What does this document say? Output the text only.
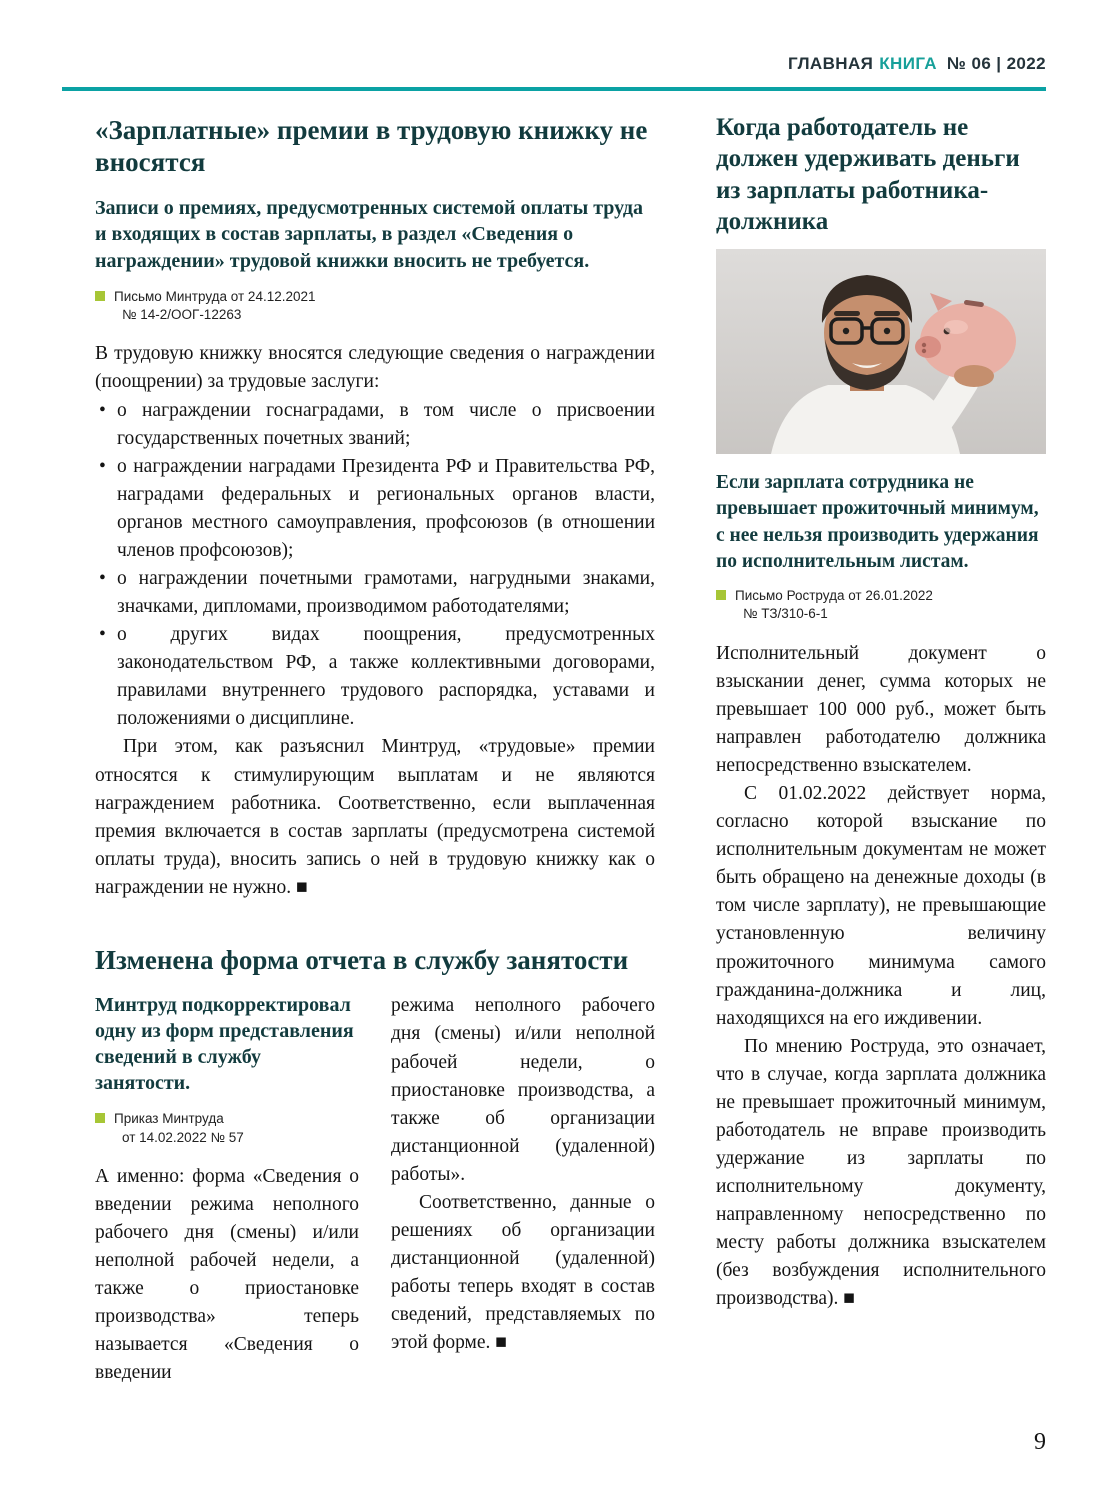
ГЛАВНАЯ КНИГА № 06 | 2022
«Зарплатные» премии в трудовую книжку не вносятся

Записи о премиях, предусмотренных системой оплаты труда и входящих в состав зарплаты, в раздел «Сведения о награждении» трудовой книжки вносить не требуется.

Письмо Минтруда от 24.12.2021
№ 14-2/ООГ-12263

В трудовую книжку вносятся следующие сведения о награждении (поощрении) за трудовые заслуги:

• о награждении госнаградами, в том числе о присвоении государственных почетных званий;
• о награждении наградами Президента РФ и Правительства РФ, наградами федеральных и региональных органов власти, органов местного самоуправления, профсоюзов (в отношении членов профсоюзов);
• о награждении почетными грамотами, нагрудными знаками, значками, дипломами, производимом работодателями;
• о других видах поощрения, предусмотренных законодательством РФ, а также коллективными договорами, правилами внутреннего трудового распорядка, уставами и положениями о дисциплине.

При этом, как разъяснил Минтруд, «трудовые» премии относятся к стимулирующим выплатам и не являются награждением работника. Соответственно, если выплаченная премия включается в состав зарплаты (предусмотрена системой оплаты труда), вносить запись о ней в трудовую книжку как о награждении не нужно. ■

Изменена форма отчета в службу занятости

Минтруд подкорректировал одну из форм представления сведений в службу занятости.

Приказ Минтруда
от 14.02.2022 № 57

А именно: форма «Сведения о введении режима неполного рабочего дня (смены) и/или неполной рабочей недели, а также о приостановке производства» теперь называется «Сведения о введении

режима неполного рабочего дня (смены) и/или неполной рабочей недели, о приостановке производства, а также об организации дистанционной (удаленной) работы».

Соответственно, данные о решениях об организации дистанционной (удаленной) работы теперь входят в состав сведений, представляемых по этой форме. ■

Когда работодатель не должен удерживать деньги из зарплаты работника-должника

Если зарплата сотрудника не превышает прожиточный минимум, с нее нельзя производить удержания по исполнительным листам.

Письмо Роструда от 26.01.2022
№ ТЗ/310-6-1

Исполнительный документ о взыскании денег, сумма которых не превышает 100 000 руб., может быть направлен работодателю должника непосредственно взыскателем.

С 01.02.2022 действует норма, согласно которой взыскание по исполнительным документам не может быть обращено на денежные доходы (в том числе зарплату), не превышающие установленную величину прожиточного минимума самого гражданина-должника и лиц, находящихся на его иждивении.

По мнению Роструда, это означает, что в случае, когда зарплата должника не превышает прожиточный минимум, работодатель не вправе производить удержание из зарплаты по исполнительному документу, направленному непосредственно по месту работы должника взыскателем (без возбуждения исполнительного производства). ■

9
